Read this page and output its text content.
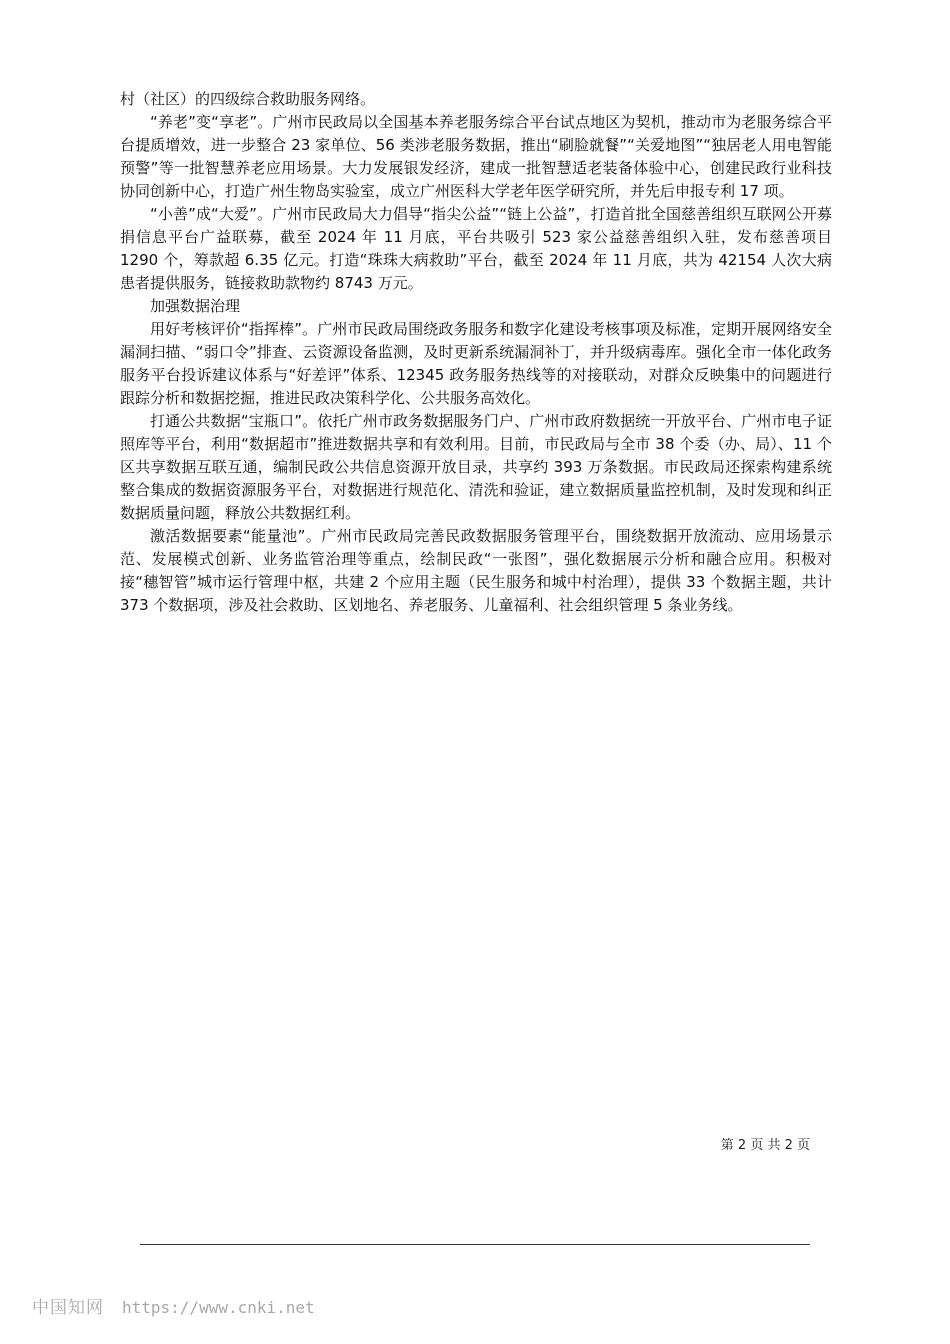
村（社区）的四级综合救助服务网络。

“养老”变“享老”。广州市民政局以全国基本养老服务综合平台试点地区为契机，推动市为老服务综合平台提质增效，进一步整合 23 家单位、56 类涉老服务数据，推出“刷脸就餐”“关爱地图”“独居老人用电智能预警”等一批智慧养老应用场景。大力发展银发经济，建成一批智慧适老装备体验中心，创建民政行业科技协同创新中心，打造广州生物岛实验室，成立广州医科大学老年医学研究所，并先后申报专利 17 项。

“小善”成“大爱”。广州市民政局大力倡导“指尖公益”“链上公益”，打造首批全国慈善组织互联网公开募捐信息平台广益联募，截至 2024 年 11 月底，平台共吸引 523 家公益慈善组织入驻，发布慈善项目 1290 个，筹款超 6.35 亿元。打造“珠珠大病救助”平台，截至 2024 年 11 月底，共为 42154 人次大病患者提供服务，链接救助款物约 8743 万元。

加强数据治理

用好考核评价“指挥棒”。广州市民政局围绕政务服务和数字化建设考核事项及标准，定期开展网络安全漏洞扫描、“弱口令”排查、云资源设备监测，及时更新系统漏洞补丁，并升级病毒库。强化全市一体化政务服务平台投诉建议体系与“好差评”体系、12345 政务服务热线等的对接联动，对群众反映集中的问题进行跟踪分析和数据挖掘，推进民政决策科学化、公共服务高效化。

打通公共数据“宝瓶口”。依托广州市政务数据服务门户、广州市政府数据统一开放平台、广州市电子证照库等平台，利用“数据超市”推进数据共享和有效利用。目前，市民政局与全市 38 个委（办、局）、11 个区共享数据互联互通，编制民政公共信息资源开放目录，共享约 393 万条数据。市民政局还探索构建系统整合集成的数据资源服务平台，对数据进行规范化、清洗和验证，建立数据质量监控机制，及时发现和纠正数据质量问题，释放公共数据红利。

激活数据要素“能量池”。广州市民政局完善民政数据服务管理平台，围绕数据开放流动、应用场景示范、发展模式创新、业务监管治理等重点，绘制民政“一张图”，强化数据展示分析和融合应用。积极对接“穗智管”城市运行管理中枢，共建 2 个应用主题（民生服务和城中村治理），提供 33 个数据主题，共计 373 个数据项，涉及社会救助、区划地名、养老服务、儿童福利、社会组织管理 5 条业务线。

第 2 页 共 2 页
中国知网 https://www.cnki.net
